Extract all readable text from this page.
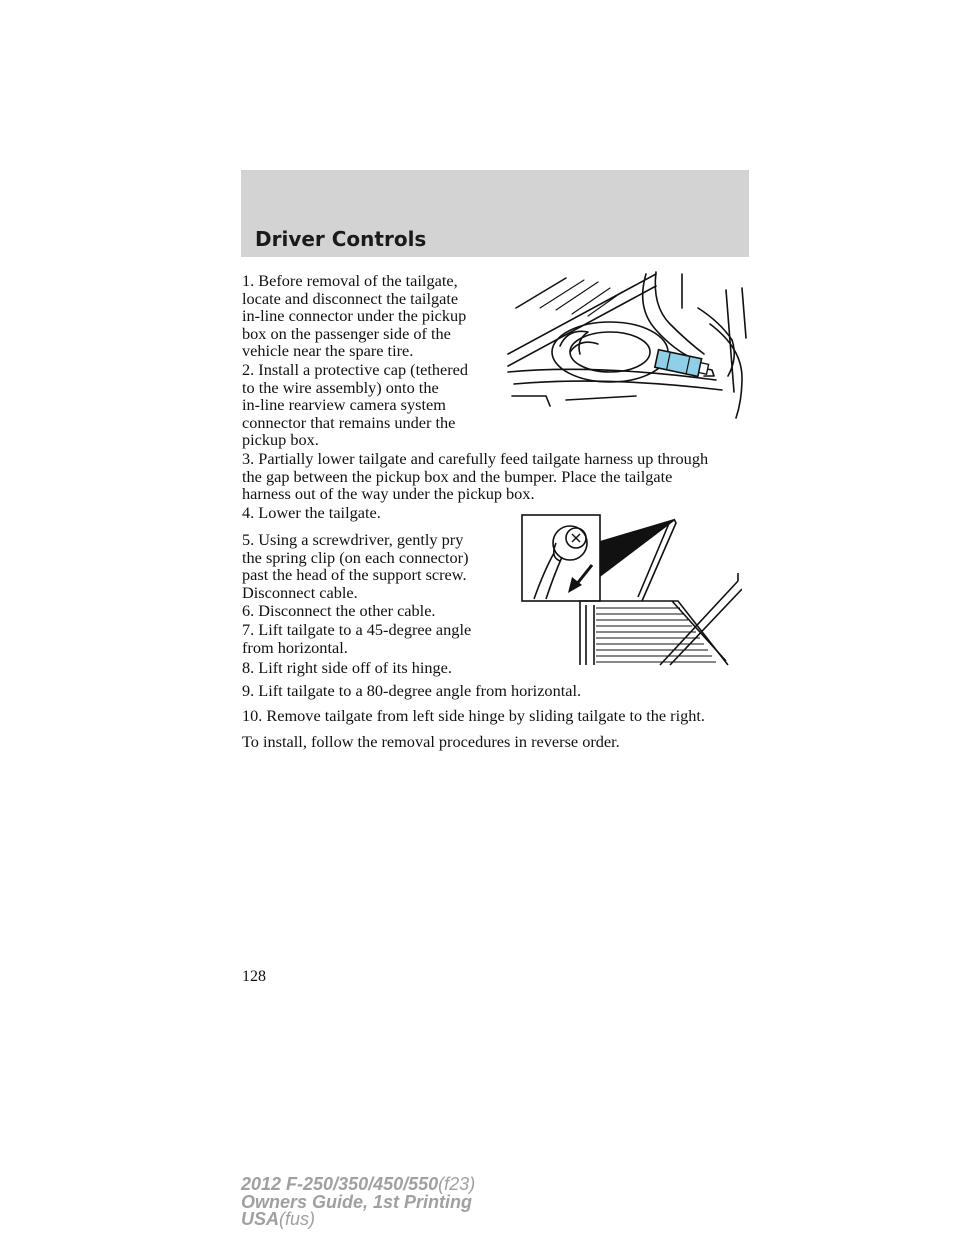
Driver Controls

1. Before removal of the tailgate,
locate and disconnect the tailgate
in-line connector under the pickup
box on the passenger side of the
vehicle near the spare tire.

2. Install a protective cap (tethered
to the wire assembly) onto the
in-line rearview camera system
connector that remains under the
pickup box.

3. Partially lower tailgate and carefully feed tailgate harness up through
the gap between the pickup box and the bumper. Place the tailgate
harness out of the way under the pickup box.

4. Lower the tailgate.

5. Using a screwdriver, gently pry
the spring clip (on each connector)
past the head of the support screw.
Disconnect cable.

6. Disconnect the other cable.

7. Lift tailgate to a 45-degree angle
from horizontal.

8. Lift right side off of its hinge.

9. Lift tailgate to a 80-degree angle from horizontal.

10. Remove tailgate from left side hinge by sliding tailgate to the right.

To install, follow the removal procedures in reverse order.

128
2012 F-250/350/450/550(f23)
Owners Guide, 1st Printing
USA(fus)
